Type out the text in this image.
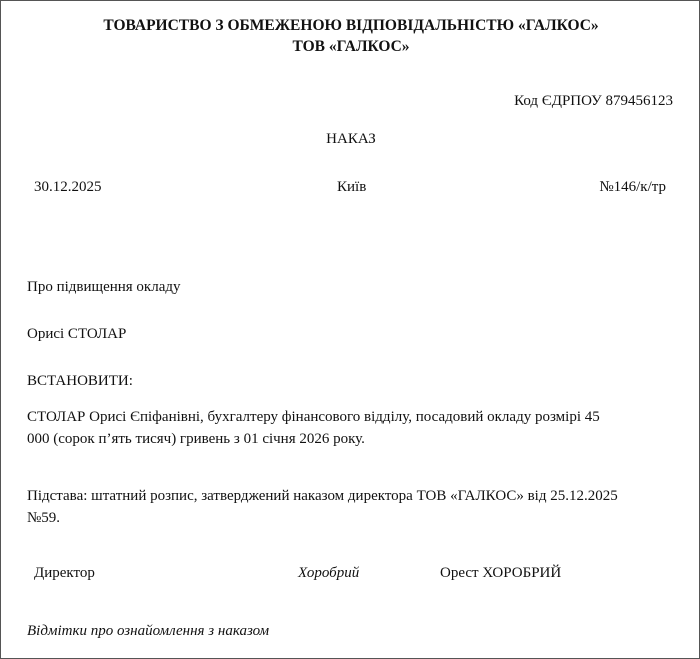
ТОВАРИСТВО З ОБМЕЖЕНОЮ ВІДПОВІДАЛЬНІСТЮ «ГАЛКОС»
ТОВ «ГАЛКОС»
Код ЄДРПОУ 879456123
НАКАЗ
30.12.2025	Київ	№146/к/тр
Про підвищення окладу
Орисі СТОЛАР
ВСТАНОВИТИ:
СТОЛАР Орисі Єпіфанівні, бухгалтеру фінансового відділу, посадовий окладу розмірі 45
000 (сорок п’ять тисяч) гривень з 01 січня 2026 року.
Підстава: штатний розпис, затверджений наказом директора ТОВ «ГАЛКОС» від 25.12.2025
№59.
Директор	Хоробрий	Орест ХОРОБРИЙ
Відмітки про ознайомлення з наказом
